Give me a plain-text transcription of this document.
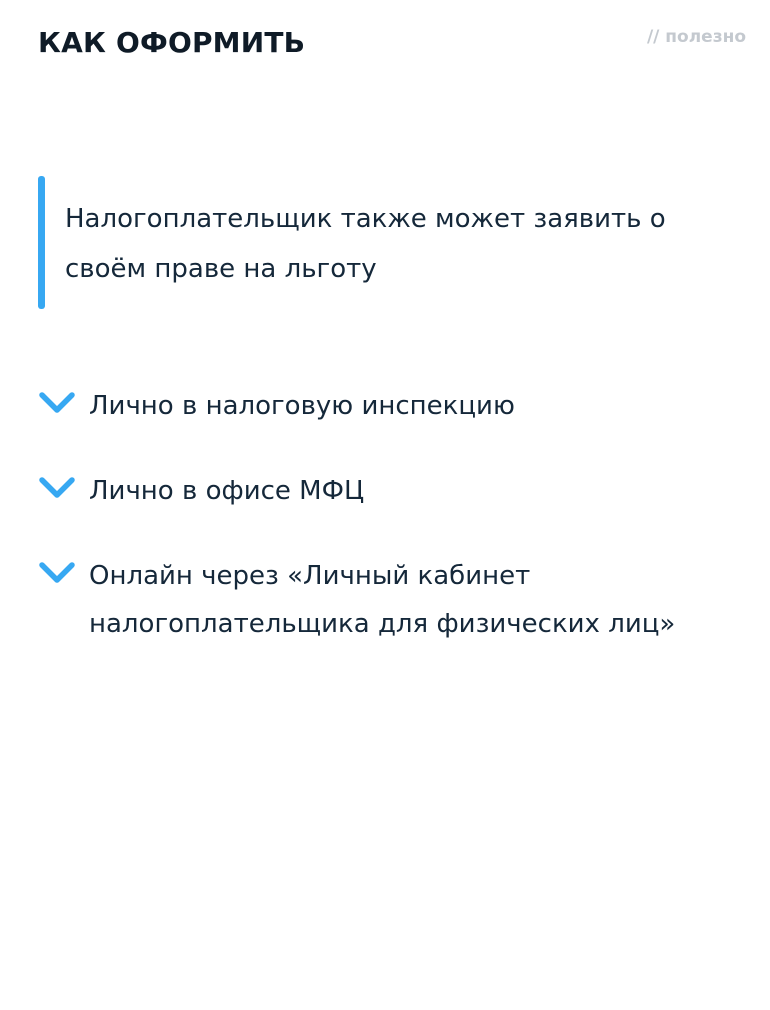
КАК ОФОРМИТЬ	// полезно
Налогоплательщик также может заявить о своём праве на льготу
Лично в налоговую инспекцию
Лично в офисе МФЦ
Онлайн через «Личный кабинет налогоплательщика для физических лиц»
